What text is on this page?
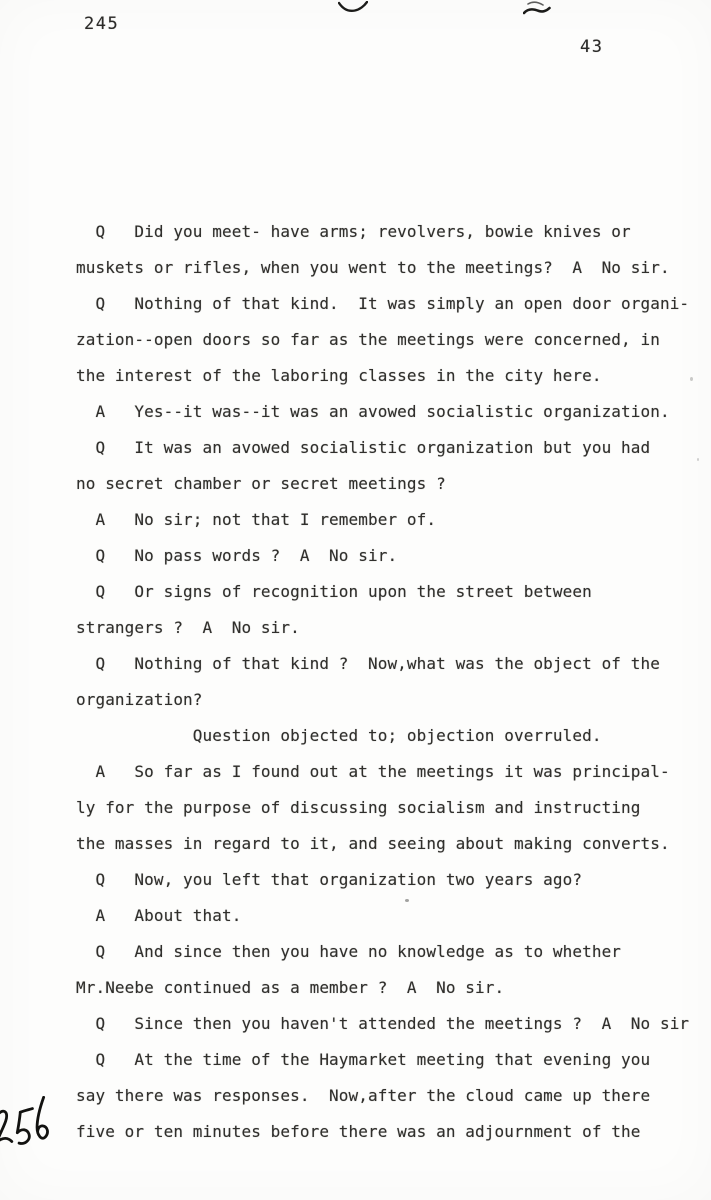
245
43
Q   Did you meet- have arms; revolvers, bowie knives or
muskets or rifles, when you went to the meetings?  A  No sir.
Q   Nothing of that kind.  It was simply an open door organi-
zation--open doors so far as the meetings were concerned, in
the interest of the laboring classes in the city here.
A   Yes--it was--it was an avowed socialistic organization.
Q   It was an avowed socialistic organization but you had
no secret chamber or secret meetings ?
A   No sir; not that I remember of.
Q   No pass words ?  A  No sir.
Q   Or signs of recognition upon the street between
strangers ?  A  No sir.
Q   Nothing of that kind ?  Now,what was the object of the
organization?
Question objected to; objection overruled.
A   So far as I found out at the meetings it was principal-
ly for the purpose of discussing socialism and instructing
the masses in regard to it, and seeing about making converts.
Q   Now, you left that organization two years ago?
A   About that.
Q   And since then you have no knowledge as to whether
Mr.Neebe continued as a member ?  A  No sir.
Q   Since then you haven't attended the meetings ?  A  No sir
Q   At the time of the Haymarket meeting that evening you
say there was responses.  Now,after the cloud came up there
five or ten minutes before there was an adjournment of the
